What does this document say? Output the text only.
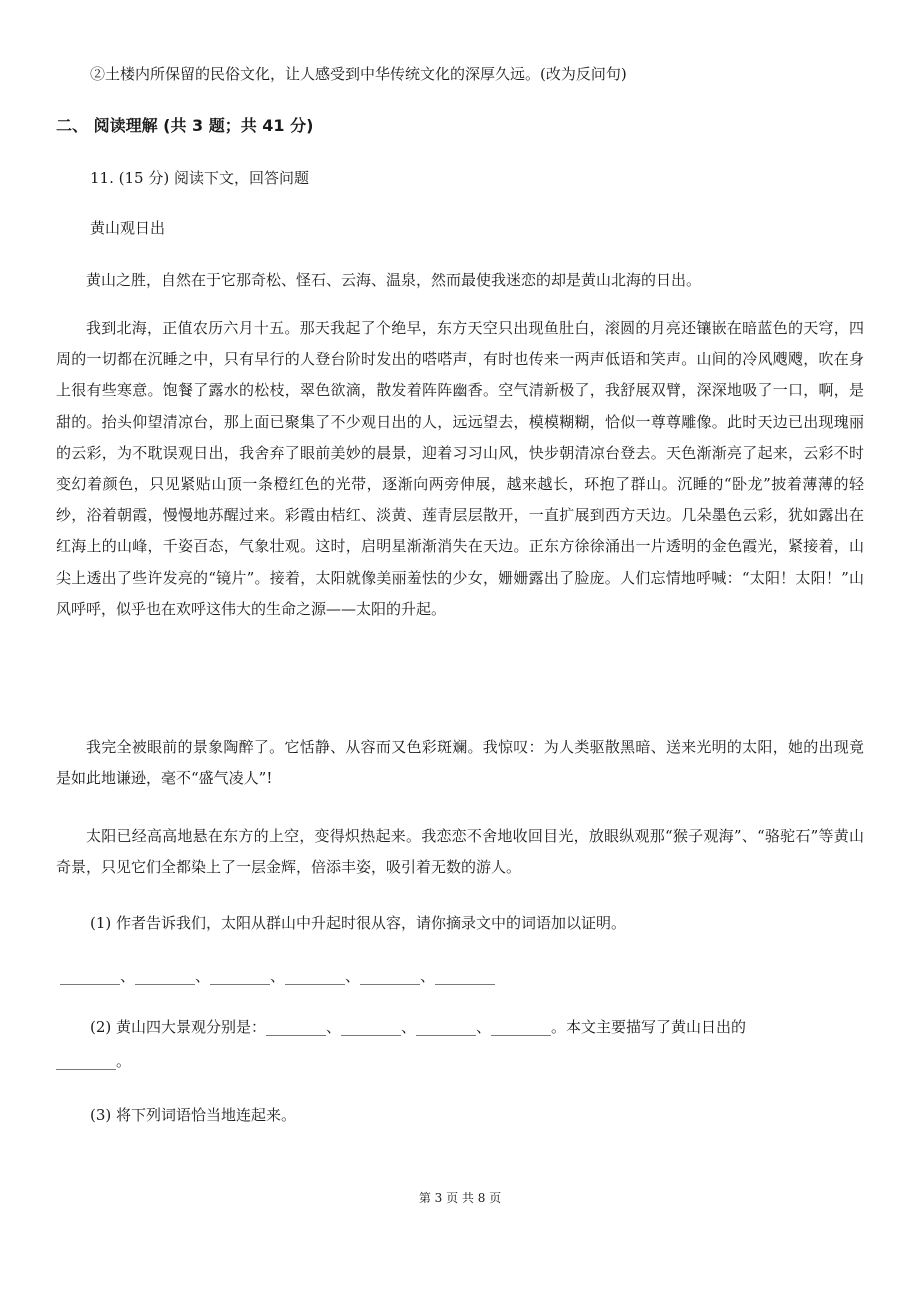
②土楼内所保留的民俗文化，让人感受到中华传统文化的深厚久远。(改为反问句)
二、 阅读理解 (共 3 题；共 41 分)
11. (15 分) 阅读下文，回答问题
黄山观日出

黄山之胜，自然在于它那奇松、怪石、云海、温泉，然而最使我迷恋的却是黄山北海的日出。

我到北海，正值农历六月十五。那天我起了个绝早，东方天空只出现鱼肚白，滚圆的月亮还镶嵌在暗蓝色的天穹，四周的一切都在沉睡之中，只有早行的人登台阶时发出的嗒嗒声，有时也传来一两声低语和笑声。山间的冷风飕飕，吹在身上很有些寒意。饱餐了露水的松枝，翠色欲滴，散发着阵阵幽香。空气清新极了，我舒展双臂，深深地吸了一口，啊，是甜的。抬头仰望清凉台，那上面已聚集了不少观日出的人，远远望去，模模糊糊，恰似一尊尊雕像。此时天边已出现瑰丽的云彩，为不耽误观日出，我舍弃了眼前美妙的晨景，迎着习习山风，快步朝清凉台登去。天色渐渐亮了起来，云彩不时变幻着颜色，只见紧贴山顶一条橙红色的光带，逐渐向两旁伸展，越来越长，环抱了群山。沉睡的“卧龙”披着薄薄的轻纱，浴着朝霞，慢慢地苏醒过来。彩霞由桔红、淡黄、莲青层层散开，一直扩展到西方天边。几朵墨色云彩，犹如露出在红海上的山峰，千姿百态，气象壮观。这时，启明星渐渐消失在天边。正东方徐徐涌出一片透明的金色霞光，紧接着，山尖上透出了些许发亮的“镜片”。接着，太阳就像美丽羞怯的少女，姗姗露出了脸庞。人们忘情地呼喊：“太阳！太阳！”山风呼呼，似乎也在欢呼这伟大的生命之源——太阳的升起。

我完全被眼前的景象陶醉了。它恬静、从容而又色彩斑斓。我惊叹：为人类驱散黑暗、送来光明的太阳，她的出现竟是如此地谦逊，毫不“盛气凌人”!

太阳已经高高地悬在东方的上空，变得炽热起来。我恋恋不舍地收回目光，放眼纵观那“猴子观海”、“骆驼石”等黄山奇景，只见它们全都染上了一层金辉，倍添丰姿，吸引着无数的游人。

(1) 作者告诉我们，太阳从群山中升起时很从容，请你摘录文中的词语加以证明。
________、________、________、________、________、________
(2) 黄山四大景观分别是：________、________、________、________。本文主要描写了黄山日出的
________。
(3) 将下列词语恰当地连起来。
第 3 页 共 8 页
